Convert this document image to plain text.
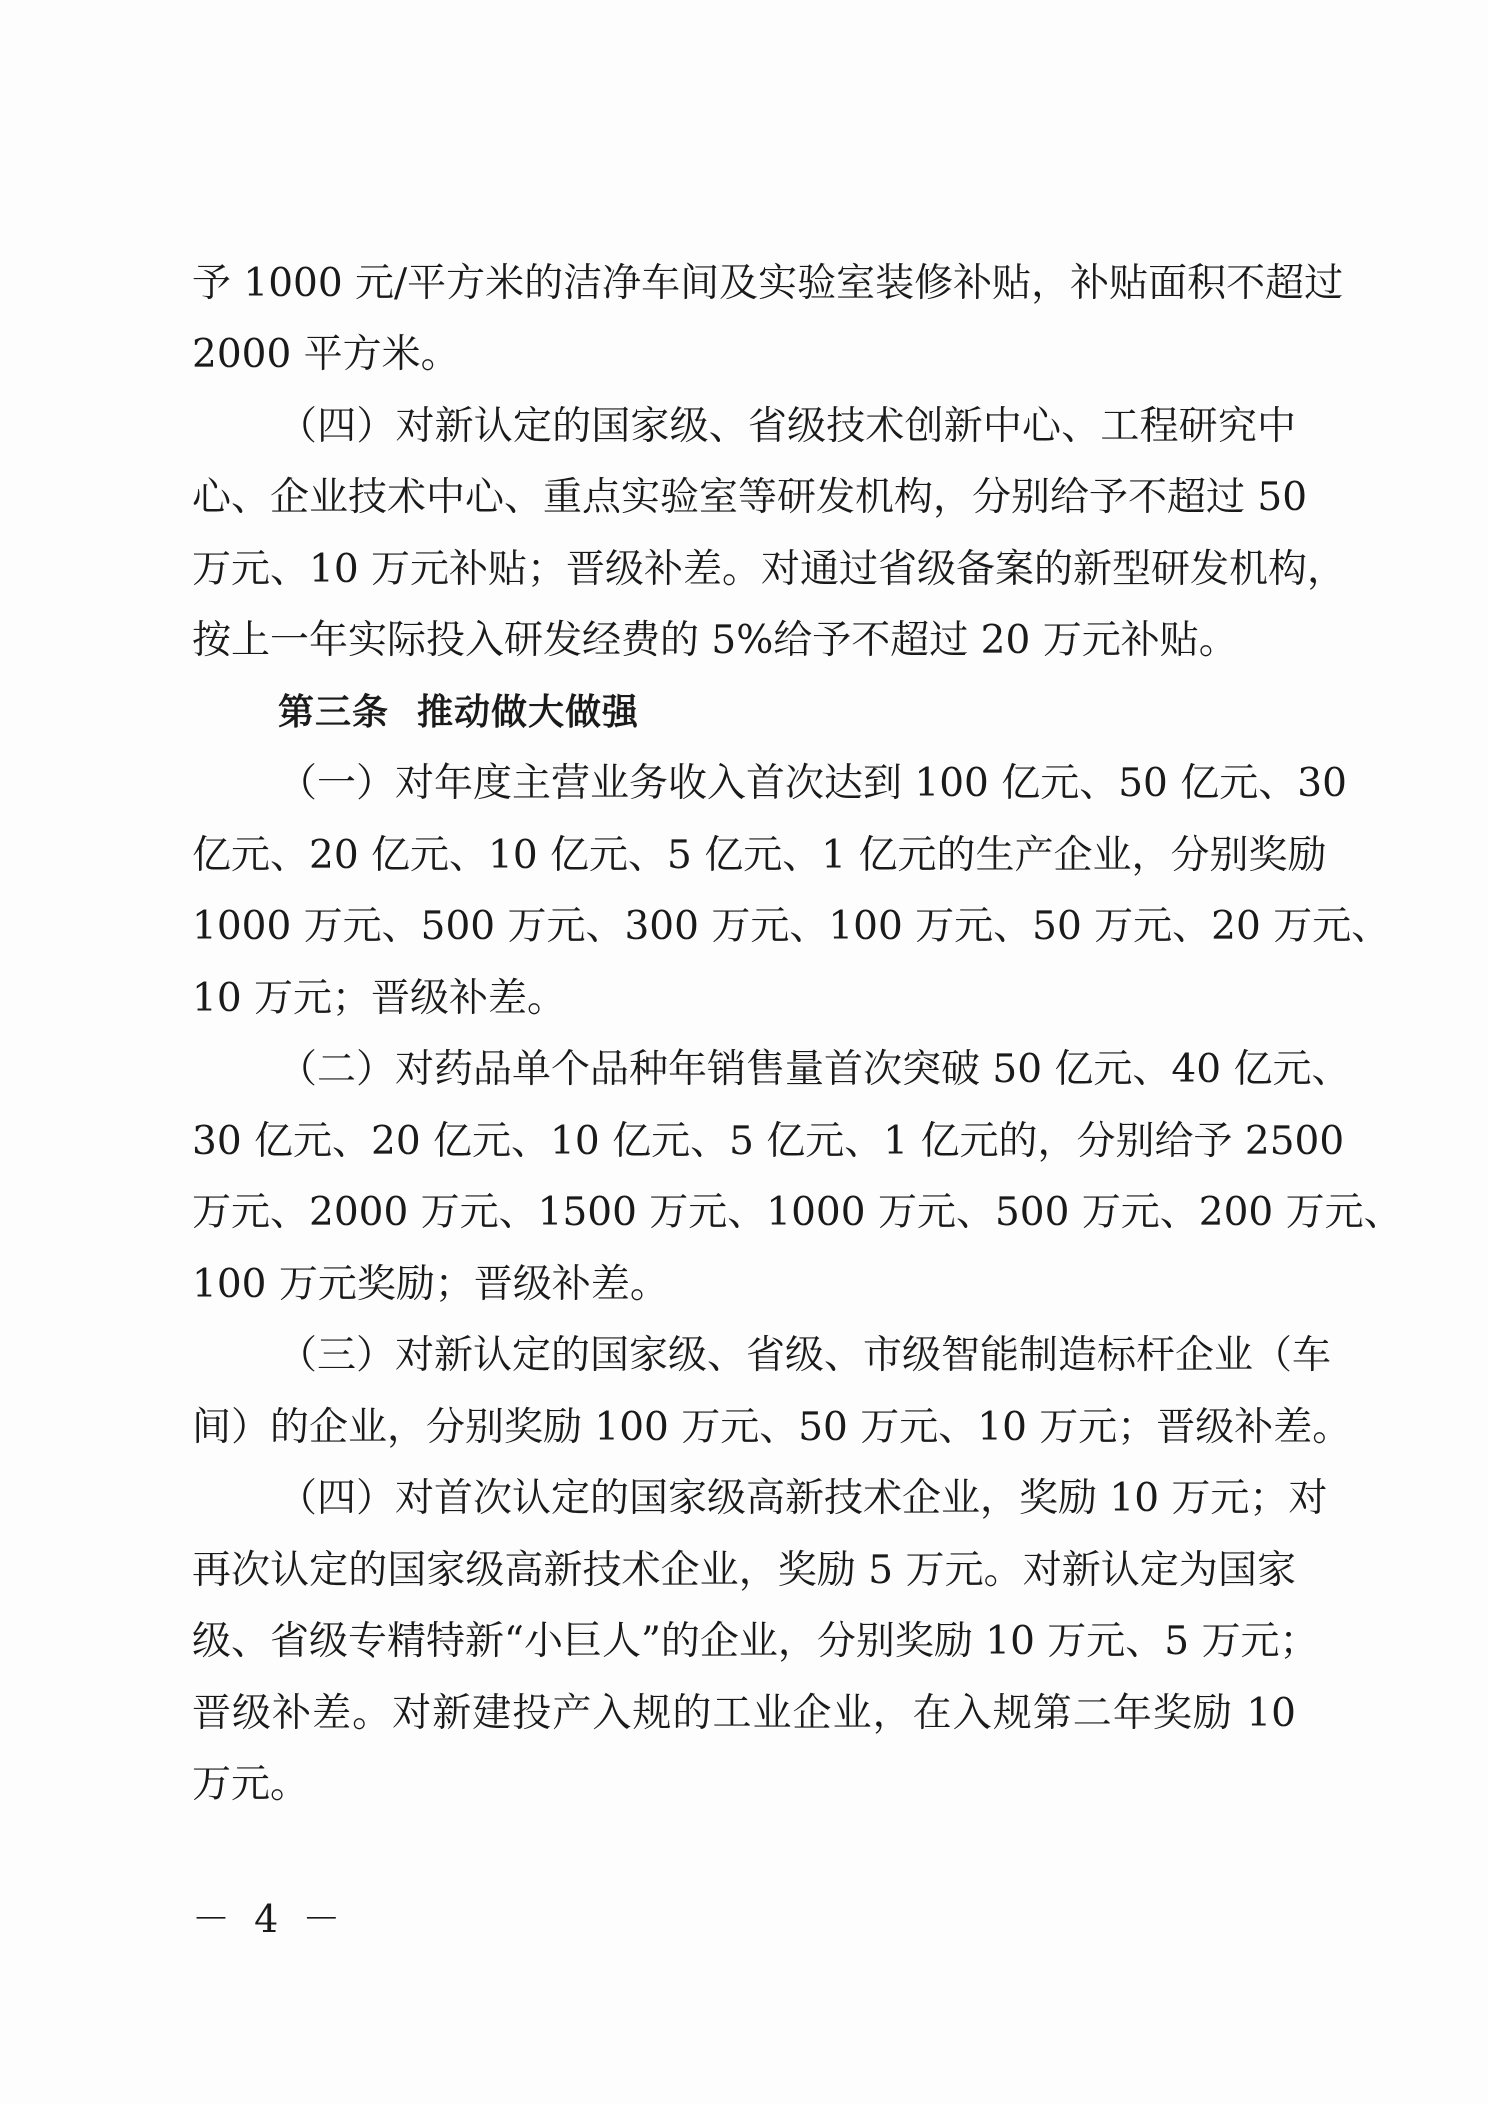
予 1000 元/平方米的洁净车间及实验室装修补贴，补贴面积不超过
2000 平方米。
（四）对新认定的国家级、省级技术创新中心、工程研究中
心、企业技术中心、重点实验室等研发机构，分别给予不超过 50
万元、10 万元补贴；晋级补差。对通过省级备案的新型研发机构，
按上一年实际投入研发经费的 5%给予不超过 20 万元补贴。
第三条 推动做大做强
（一）对年度主营业务收入首次达到 100 亿元、50 亿元、30
亿元、20 亿元、10 亿元、5 亿元、1 亿元的生产企业，分别奖励
1000 万元、500 万元、300 万元、100 万元、50 万元、20 万元、
10 万元；晋级补差。
（二）对药品单个品种年销售量首次突破 50 亿元、40 亿元、
30 亿元、20 亿元、10 亿元、5 亿元、1 亿元的，分别给予 2500
万元、2000 万元、1500 万元、1000 万元、500 万元、200 万元、
100 万元奖励；晋级补差。
（三）对新认定的国家级、省级、市级智能制造标杆企业（车
间）的企业，分别奖励 100 万元、50 万元、10 万元；晋级补差。
（四）对首次认定的国家级高新技术企业，奖励 10 万元；对
再次认定的国家级高新技术企业，奖励 5 万元。对新认定为国家
级、省级专精特新“小巨人”的企业，分别奖励 10 万元、5 万元；
晋级补差。对新建投产入规的工业企业，在入规第二年奖励 10
万元。
－ 4 －
